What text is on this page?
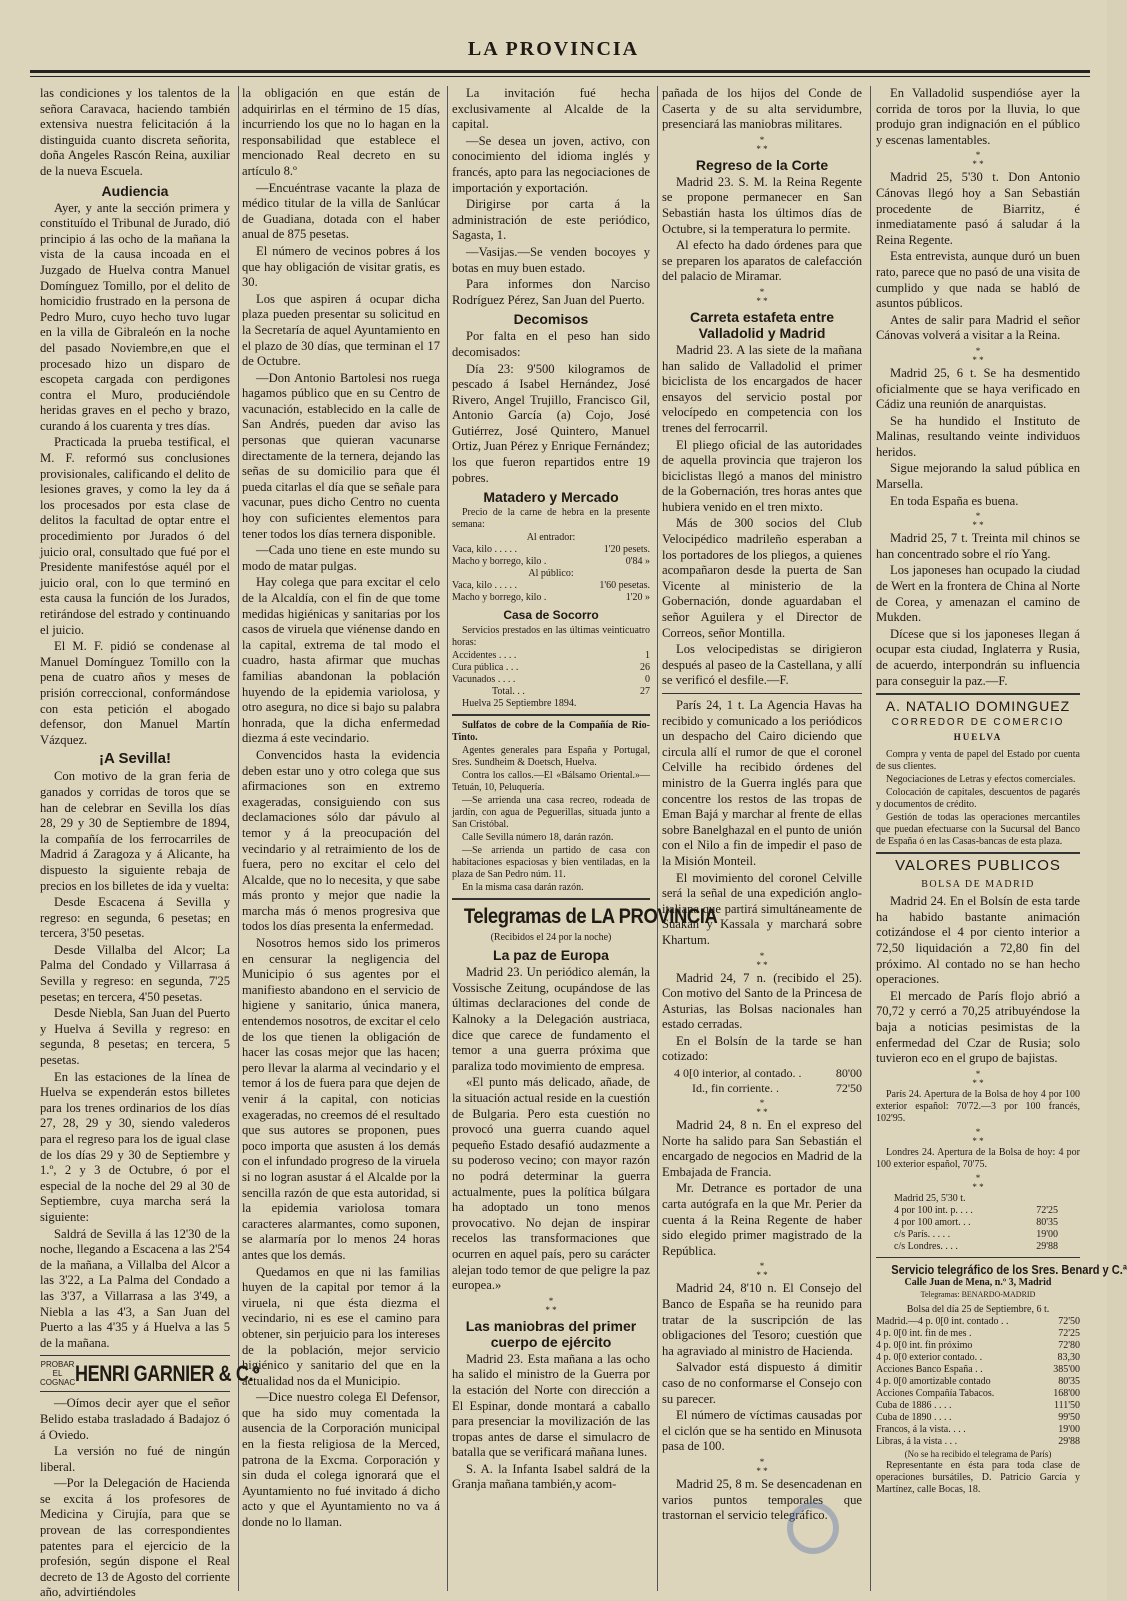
LA PROVINCIA

las condiciones y los talentos de la señora Caravaca, haciendo también extensiva nuestra felicitación á la distinguida cuanto discreta señorita, doña Angeles Rascón Reina, auxiliar de la nueva Escuela.

Audiencia

Ayer, y ante la sección primera y constituído el Tribunal de Jurado, dió principio á las ocho de la mañana la vista de la causa incoada en el Juzgado de Huelva contra Manuel Domínguez Tomillo, por el delito de homicidio frustrado en la persona de Pedro Muro, cuyo hecho tuvo lugar en la villa de Gibraleón en la noche del pasado Noviembre,en que el procesado hizo un disparo de escopeta cargada con perdigones contra el Muro, produciéndole heridas graves en el pecho y brazo, curando á los cuarenta y tres días.

Practicada la prueba testifical, el M. F. reformó sus conclusiones provisionales, calificando el delito de lesiones graves, y como la ley da á los procesados por esta clase de delitos la facultad de optar entre el procedimiento por Jurados ó del juicio oral, consultado que fué por el Presidente manifestóse aquél por el juicio oral, con lo que terminó en esta causa la función de los Jurados, retirándose del estrado y continuando el juicio.

El M. F. pidió se condenase al Manuel Domínguez Tomillo con la pena de cuatro años y meses de prisión correccional, conformándose con esta petición el abogado defensor, don Manuel Martín Vázquez.

¡A Sevilla!

Con motivo de la gran feria de ganados y corridas de toros que se han de celebrar en Sevilla los días 28, 29 y 30 de Septiembre de 1894, la compañía de los ferrocarriles de Madrid á Zaragoza y á Alicante, ha dispuesto la siguiente rebaja de precios en los billetes de ida y vuelta:

Desde Escacena á Sevilla y regreso: en segunda, 6 pesetas; en tercera, 3'50 pesetas.

Desde Villalba del Alcor; La Palma del Condado y Villarrasa á Sevilla y regreso: en segunda, 7'25 pesetas; en tercera, 4'50 pesetas.

Desde Niebla, San Juan del Puerto y Huelva á Sevilla y regreso: en segunda, 8 pesetas; en tercera, 5 pesetas.

En las estaciones de la línea de Huelva se expenderán estos billetes para los trenes ordinarios de los días 27, 28, 29 y 30, siendo valederos para el regreso para los de igual clase de los días 29 y 30 de Septiembre y 1.º, 2 y 3 de Octubre, ó por el especial de la noche del 29 al 30 de Septiembre, cuya marcha será la siguiente:

Saldrá de Sevilla á las 12'30 de la noche, llegando a Escacena a las 2'54 de la mañana, a Villalba del Alcor a las 3'22, a La Palma del Condado a las 3'37, a Villarrasa a las 3'49, a Niebla a las 4'3, a San Juan del Puerto a las 4'35 y á Huelva a las 5 de la mañana.

PROBAR EL COGNAC HENRI GARNIER & C.º

—Oímos decir ayer que el señor Belido estaba trasladado á Badajoz ó á Oviedo.

La versión no fué de ningún liberal.

—Por la Delegación de Hacienda se excita á los profesores de Medicina y Cirujía, para que se provean de las correspondientes patentes para el ejercicio de la profesión, según dispone el Real decreto de 13 de Agosto del corriente año, advirtiéndoles

la obligación en que están de adquirirlas en el término de 15 días, incurriendo los que no lo hagan en la responsabilidad que establece el mencionado Real decreto en su artículo 8.º

—Encuéntrase vacante la plaza de médico titular de la villa de Sanlúcar de Guadiana, dotada con el haber anual de 875 pesetas.

El número de vecinos pobres á los que hay obligación de visitar gratis, es 30.

Los que aspiren á ocupar dicha plaza pueden presentar su solicitud en la Secretaría de aquel Ayuntamiento en el plazo de 30 días, que terminan el 17 de Octubre.

—Don Antonio Bartolesi nos ruega hagamos público que en su Centro de vacunación, establecido en la calle de San Andrés, pueden dar aviso las personas que quieran vacunarse directamente de la ternera, dejando las señas de su domicilio para que él pueda citarlas el día que se señale para vacunar, pues dicho Centro no cuenta hoy con suficientes elementos para tener todos los días ternera disponible.

—Cada uno tiene en este mundo su modo de matar pulgas.

Hay colega que para excitar el celo de la Alcaldía, con el fin de que tome medidas higiénicas y sanitarias por los casos de viruela que viénense dando en la capital, extrema de tal modo el cuadro, hasta afirmar que muchas familias abandonan la población huyendo de la epidemia variolosa, y otro asegura, no dice si bajo su palabra honrada, que la dicha enfermedad diezma á este vecindario.

Convencidos hasta la evidencia deben estar uno y otro colega que sus afirmaciones son en extremo exageradas, consiguiendo con sus declamaciones sólo dar pávulo al temor y á la preocupación del vecindario y al retraimiento de los de fuera, pero no excitar el celo del Alcalde, que no lo necesita, y que sabe más pronto y mejor que nadie la marcha más ó menos progresiva que todos los días presenta la enfermedad.

Nosotros hemos sido los primeros en censurar la negligencia del Municipio ó sus agentes por el manifiesto abandono en el servicio de higiene y sanitario, única manera, entendemos nosotros, de excitar el celo de los que tienen la obligación de hacer las cosas mejor que las hacen; pero llevar la alarma al vecindario y el temor á los de fuera para que dejen de venir á la capital, con noticias exageradas, no creemos dé el resultado que sus autores se proponen, pues poco importa que asusten á los demás con el infundado progreso de la viruela si no logran asustar á el Alcalde por la sencilla razón de que esta autoridad, si la epidemia variolosa tomara caracteres alarmantes, como suponen, se alarmaría por lo menos 24 horas antes que los demás.

Quedamos en que ni las familias huyen de la capital por temor á la viruela, ni que ésta diezma el vecindario, ni es ese el camino para obtener, sin perjuicio para los intereses de la población, mejor servicio higiénico y sanitario del que en la actualidad nos da el Municipio.

—Dice nuestro colega El Defensor, que ha sido muy comentada la ausencia de la Corporación municipal en la fiesta religiosa de la Merced, patrona de la Excma. Corporación y sin duda el colega ignorará que el Ayuntamiento no fué invitado á dicho acto y que el Ayuntamiento no va á donde no lo llaman.

La invitación fué hecha exclusivamente al Alcalde de la capital.

—Se desea un joven, activo, con conocimiento del idioma inglés y francés, apto para las negociaciones de importación y exportación.

Dirigirse por carta á la administración de este periódico, Sagasta, 1.

—Vasijas.—Se venden bocoyes y botas en muy buen estado.

Para informes don Narciso Rodríguez Pérez, San Juan del Puerto.

Decomisos

Por falta en el peso han sido decomisados:

Día 23: 9'500 kilogramos de pescado á Isabel Hernández, José Rivero, Angel Trujillo, Francisco Gil, Antonio García (a) Cojo, José Gutiérrez, José Quintero, Manuel Ortiz, Juan Pérez y Enrique Fernández; los que fueron repartidos entre 19 pobres.

Matadero y Mercado

Precio de la carne de hebra en la presente semana:

Al entrador:
Vaca, kilo . . . . .	1'20 pesets.
Macho y borrego, kilo .	0'84 »
Al público:
Vaca, kilo . . . . .	1'60 pesetas.
Macho y borrego, kilo .	1'20 »
Casa de Socorro

Servicios prestados en las últimas veinticuatro horas:

Accidentes . . . .	1
Cura pública . . .	26
Vacunados . . . .	0
Total. . .	27
Huelva 25 Septiembre 1894.

Sulfatos de cobre de la Compañía de Rio-Tinto.

Agentes generales para España y Portugal, Sres. Sundheim & Doetsch, Huelva.

Contra los callos.—El «Bálsamo Oriental.»—Tetuán, 10, Peluquería.

—Se arrienda una casa recreo, rodeada de jardín, con agua de Peguerillas, situada junto a San Cristóbal.

Calle Sevilla número 18, darán razón.

—Se arrienda un partido de casa con habitaciones espaciosas y bien ventiladas, en la plaza de San Pedro núm. 11.

En la misma casa darán razón.

Telegramas de LA PROVINCIA
(Recibidos el 24 por la noche)
La paz de Europa

Madrid 23. Un periódico alemán, la Vossische Zeitung, ocupándose de las últimas declaraciones del conde de Kalnoky a la Delegación austriaca, dice que carece de fundamento el temor a una guerra próxima que paraliza todo movimiento de empresa.

«El punto más delicado, añade, de la situación actual reside en la cuestión de Bulgaria. Pero esta cuestión no provocó una guerra cuando aquel pequeño Estado desafió audazmente a su poderoso vecino; con mayor razón no podrá determinar la guerra actualmente, pues la política búlgara ha adoptado un tono menos provocativo. No dejan de inspirar recelos las transformaciones que ocurren en aquel país, pero su carácter alejan todo temor de que peligre la paz europea.»

*
* *
Las maniobras del primer cuerpo de ejército

Madrid 23. Esta mañana a las ocho ha salido el ministro de la Guerra por la estación del Norte con dirección a El Espinar, donde montará a caballo para presenciar la movilización de las tropas antes de darse el simulacro de batalla que se verificará mañana lunes.

S. A. la Infanta Isabel saldrá de la Granja mañana también,y acom-

pañada de los hijos del Conde de Caserta y de su alta servidumbre, presenciará las maniobras militares.

*
* *
Regreso de la Corte

Madrid 23. S. M. la Reina Regente se propone permanecer en San Sebastián hasta los últimos días de Octubre, si la temperatura lo permite.

Al efecto ha dado órdenes para que se preparen los aparatos de calefacción del palacio de Miramar.

*
* *
Carreta estafeta entre Valladolid y Madrid

Madrid 23. A las siete de la mañana han salido de Valladolid el primer biciclista de los encargados de hacer ensayos del servicio postal por velocípedo en competencia con los trenes del ferrocarril.

El pliego oficial de las autoridades de aquella provincia que trajeron los biciclistas llegó a manos del ministro de la Gobernación, tres horas antes que hubiera venido en el tren mixto.

Más de 300 socios del Club Velocipédico madrileño esperaban a los portadores de los pliegos, a quienes acompañaron desde la puerta de San Vicente al ministerio de la Gobernación, donde aguardaban el señor Aguilera y el Director de Correos, señor Montilla.

Los velocipedistas se dirigieron después al paseo de la Castellana, y allí se verificó el desfile.—F.

París 24, 1 t. La Agencia Havas ha recibido y comunicado a los periódicos un despacho del Cairo diciendo que circula allí el rumor de que el coronel Celville ha recibido órdenes del ministro de la Guerra inglés para que concentre los restos de las tropas de Eman Bajá y marchar al frente de ellas sobre Banelghazal en el punto de unión con el Nilo a fin de impedir el paso de la Misión Monteil.

El movimiento del coronel Celville será la señal de una expedición anglo-italiana que partirá simultáneamente de Suakan y Kassala y marchará sobre Khartum.

*
* *

Madrid 24, 7 n. (recibido el 25). Con motivo del Santo de la Princesa de Asturias, las Bolsas nacionales han estado cerradas.

En el Bolsín de la tarde se han cotizado:

4 0[0 interior, al contado. .	80'00
Id., fin corriente. .	72'50
*
* *

Madrid 24, 8 n. En el expreso del Norte ha salido para San Sebastián el encargado de negocios en Madrid de la Embajada de Francia.

Mr. Detrance es portador de una carta autógrafa en la que Mr. Perier da cuenta á la Reina Regente de haber sido elegido primer magistrado de la República.

*
* *

Madrid 24, 8'10 n. El Consejo del Banco de España se ha reunido para tratar de la suscripción de las obligaciones del Tesoro; cuestión que ha agraviado al ministro de Hacienda.

Salvador está dispuesto á dimitir caso de no conformarse el Consejo con su parecer.

El número de víctimas causadas por el ciclón que se ha sentido en Minusota pasa de 100.

*
* *

Madrid 25, 8 m. Se desencadenan en varios puntos temporales que trastornan el servicio telegráfico.

En Valladolid suspendióse ayer la corrida de toros por la lluvia, lo que produjo gran indignación en el público y escenas lamentables.

*
* *

Madrid 25, 5'30 t. Don Antonio Cánovas llegó hoy a San Sebastián procedente de Biarritz, é inmediatamente pasó á saludar á la Reina Regente.

Esta entrevista, aunque duró un buen rato, parece que no pasó de una visita de cumplido y que nada se habló de asuntos públicos.

Antes de salir para Madrid el señor Cánovas volverá a visitar a la Reina.

*
* *

Madrid 25, 6 t. Se ha desmentido oficialmente que se haya verificado en Cádiz una reunión de anarquistas.

Se ha hundido el Instituto de Malinas, resultando veinte individuos heridos.

Sigue mejorando la salud pública en Marsella.

En toda España es buena.

*
* *

Madrid 25, 7 t. Treinta mil chinos se han concentrado sobre el río Yang.

Los japoneses han ocupado la ciudad de Wert en la frontera de China al Norte de Corea, y amenazan el camino de Mukden.

Dícese que si los japoneses llegan á ocupar esta ciudad, Inglaterra y Rusia, de acuerdo, interpondrán su influencia para conseguir la paz.—F.

A. NATALIO DOMINGUEZ
CORREDOR DE COMERCIO
HUELVA

Compra y venta de papel del Estado por cuenta de sus clientes.

Negociaciones de Letras y efectos comerciales.

Colocación de capitales, descuentos de pagarés y documentos de crédito.

Gestión de todas las operaciones mercantiles que puedan efectuarse con la Sucursal del Banco de España ó en las Casas-bancas de esta plaza.

VALORES PUBLICOS
BOLSA DE MADRID

Madrid 24. En el Bolsín de esta tarde ha habido bastante animación cotizándose el 4 por ciento interior a 72,50 liquidación a 72,80 fin del próximo. Al contado no se han hecho operaciones.

El mercado de París flojo abrió a 70,72 y cerró a 70,25 atribuyéndose la baja a noticias pesimistas de la enfermedad del Czar de Rusia; solo tuvieron eco en el grupo de bajistas.

*
* *

París 24. Apertura de la Bolsa de hoy 4 por 100 exterior español: 70'72.—3 por 100 francés, 102'95.

*
* *

Londres 24. Apertura de la Bolsa de hoy: 4 por 100 exterior español, 70'75.

*
* *
Madrid 25, 5'30 t.
4 por 100 int. p. . . .	72'25
4 por 100 amort. . .	80'35
c/s París. . . . .	19'00
c/s Londres. . . .	29'88
Servicio telegráfico de los Sres. Benard y C.ª
Calle Juan de Mena, n.º 3, Madrid
Telegramas: BENARDO-MADRID
Bolsa del día 25 de Septiembre, 6 t.
Madrid.—4 p. 0[0 int. contado . .	72'50
4 p. 0[0 int. fin de mes .	72'25
4 p. 0[0 int. fin próximo	72'80
4 p. 0[0 exterior contado. .	83,30
Acciones Banco España . .	385'00
4 p. 0[0 amortizable contado	80'35
Acciones Compañía Tabacos.	168'00
Cuba de 1886 . . . .	111'50
Cuba de 1890 . . . .	99'50
Francos, á la vista. . . .	19'00
Libras, á la vista . . .	29'88
(No se ha recibido el telegrama de París)

Representante en ésta para toda clase de operaciones bursátiles, D. Patricio García y Martínez, calle Bocas, 18.
